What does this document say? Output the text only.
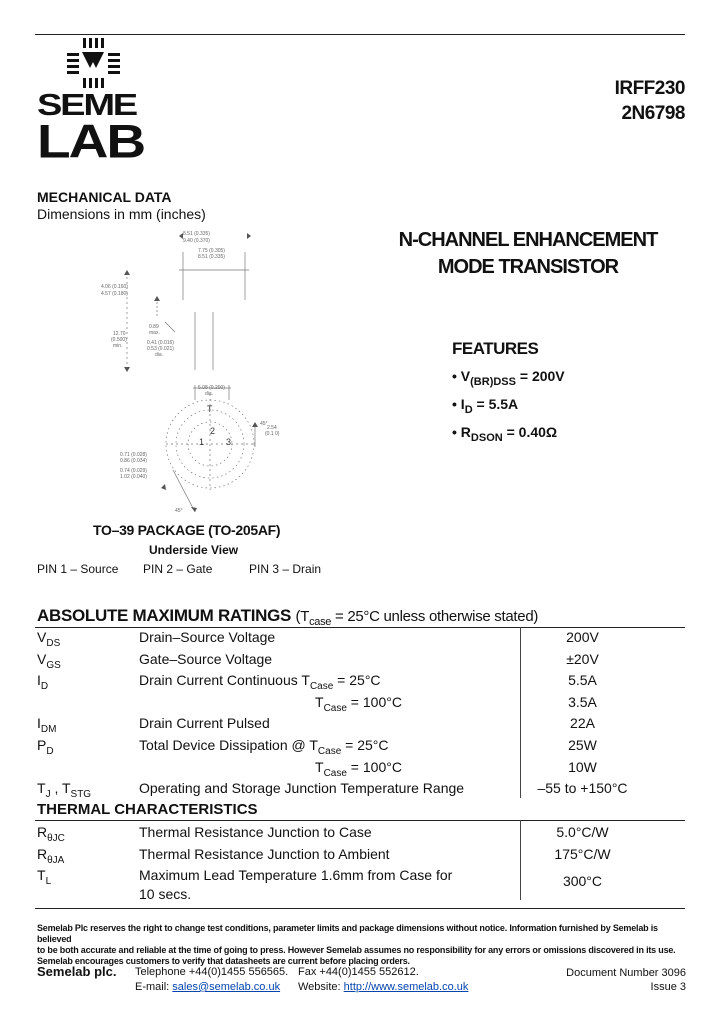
SEME
LAB
IRFF230
2N6798
MECHANICAL DATA
Dimensions in mm (inches)
N-CHANNEL ENHANCEMENT
MODE TRANSISTOR
8.51 (0.335)
9.40 (0.370)
7.75 (0.305)
8.51 (0.335)
4.06 (0.160)
4.57 (0.180)
12.70
(0.500)
min.
0.89
max.
0.41 (0.016)
0.53 (0.021)
dia.
5.08 (0.200)
dia.
0.71 (0.028)
0.86 (0.034)
0.74 (0.029)
1.02 (0.040)
45°
2.54
(0.1 0)
45°
T
1
2
3
TO–39 PACKAGE (TO-205AF)
Underside View
PIN 1 – Source PIN 2 – Gate	PIN 3 – Drain
FEATURES
• $V_{(BR)DSS} = 200V$
• $I_D = 5.5A$
• $R_{DSON} = 0.40\Omega$
ABSOLUTE MAXIMUM RATINGS ($T_{case} = 25^\circ C$ unless otherwise stated)
$V_{DS}$	Drain–Source Voltage	200V
$V_{GS}$	Gate–Source Voltage	±20V
$I_D$	Drain Current Continuous $T_{Case} = 25^\circ C$	5.5A
$T_{Case} = 100^\circ C$	3.5A
$I_{DM}$	Drain Current Pulsed	22A
$P_D$	Total Device Dissipation @ $T_{Case} = 25^\circ C$	25W
$T_{Case} = 100^\circ C$	10W
$T_J$ , $T_{STG}$	Operating and Storage Junction Temperature Range	–55 to +150°C
THERMAL CHARACTERISTICS
$R_{\theta JC}$	Thermal Resistance Junction to Case	5.0°C/W
$R_{\theta JA}$	Thermal Resistance Junction to Ambient	175°C/W
$T_L$	Maximum Lead Temperature 1.6mm from Case for
10 secs.
300°C
Semelab Plc reserves the right to change test conditions, parameter limits and package dimensions without notice. Information furnished by Semelab is believed
to be both accurate and reliable at the time of going to press. However Semelab assumes no responsibility for any errors or omissions discovered in its use.
Semelab encourages customers to verify that datasheets are current before placing orders.
Semelab plc. Telephone +44(0)1455 556565. Fax +44(0)1455 552612.
E-mail: sales@semelab.co.uk Website: http://www.semelab.co.uk
Document Number 3096
Issue 3
